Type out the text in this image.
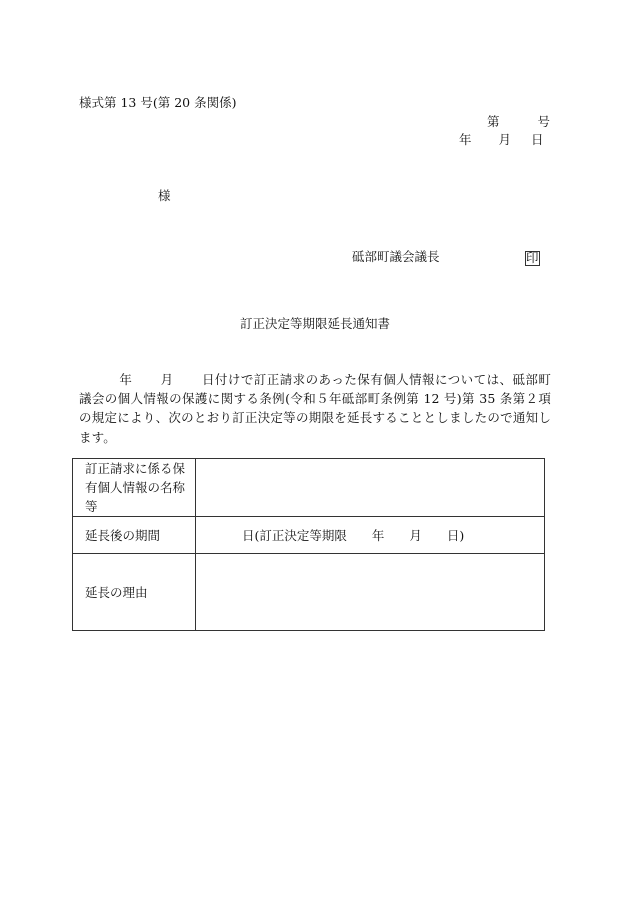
様式第 13 号(第 20 条関係)
第	号
年 月 日
様
砥部町議会議長	印
訂正決定等期限延長通知書
年 月 日付けで訂正請求のあった保有個人情報については、砥部町議会の個人情報の保護に関する条例(令和５年砥部町条例第 12 号)第 35 条第２項の規定により、次のとおり訂正決定等の期限を延長することとしましたので通知します。
訂正請求に係る保有個人情報の名称等	
延長後の期間	日(訂正決定等期限　　年　　月　　日)
延長の理由	
